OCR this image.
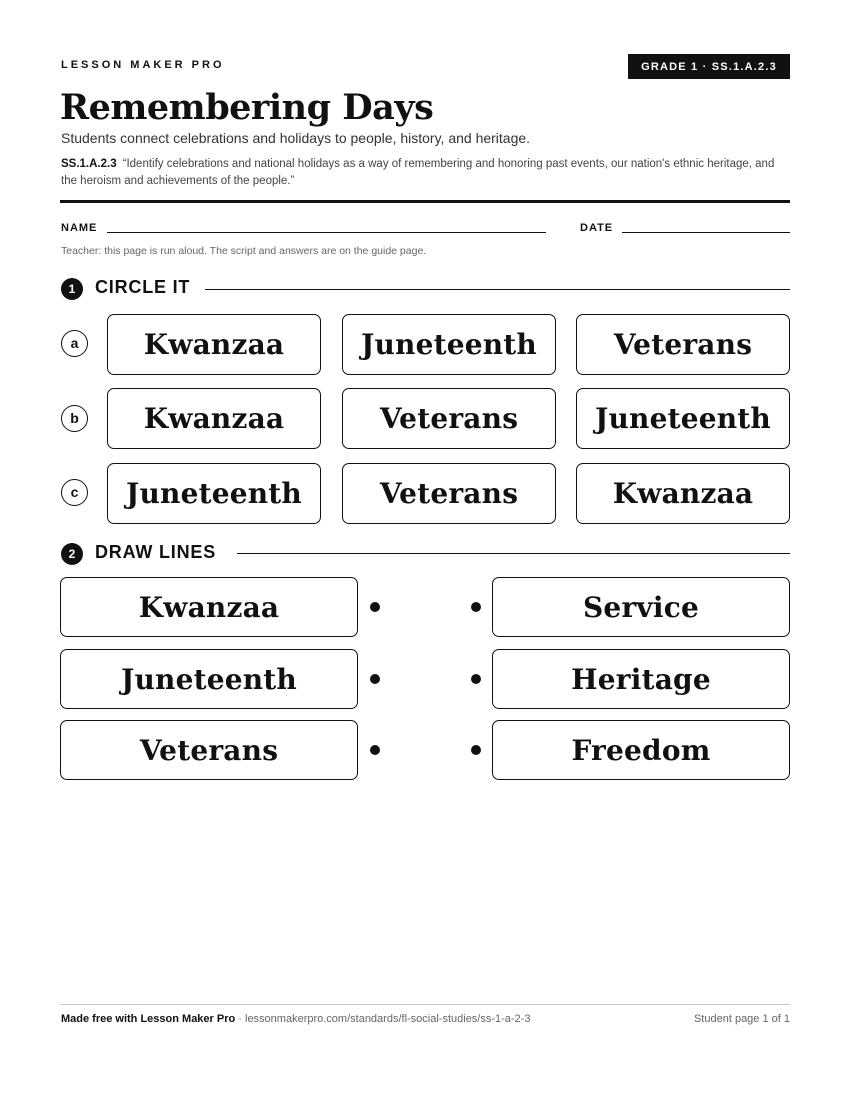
LESSON MAKER PRO	GRADE 1 · SS.1.A.2.3
Remembering Days
Students connect celebrations and holidays to people, history, and heritage.
SS.1.A.2.3 “Identify celebrations and national holidays as a way of remembering and honoring past events, our nation's ethnic heritage, and the heroism and achievements of the people.”
NAME	DATE
Teacher: this page is run aloud. The script and answers are on the guide page.
1	CIRCLE IT
a	Kwanzaa	Juneteenth	Veterans
b	Kwanzaa	Veterans	Juneteenth
c	Juneteenth	Veterans	Kwanzaa
2	DRAW LINES
Kwanzaa	Service
Juneteenth	Heritage
Veterans	Freedom
Made free with Lesson Maker Pro · lessonmakerpro.com/standards/fl-social-studies/ss-1-a-2-3	Student page 1 of 1
